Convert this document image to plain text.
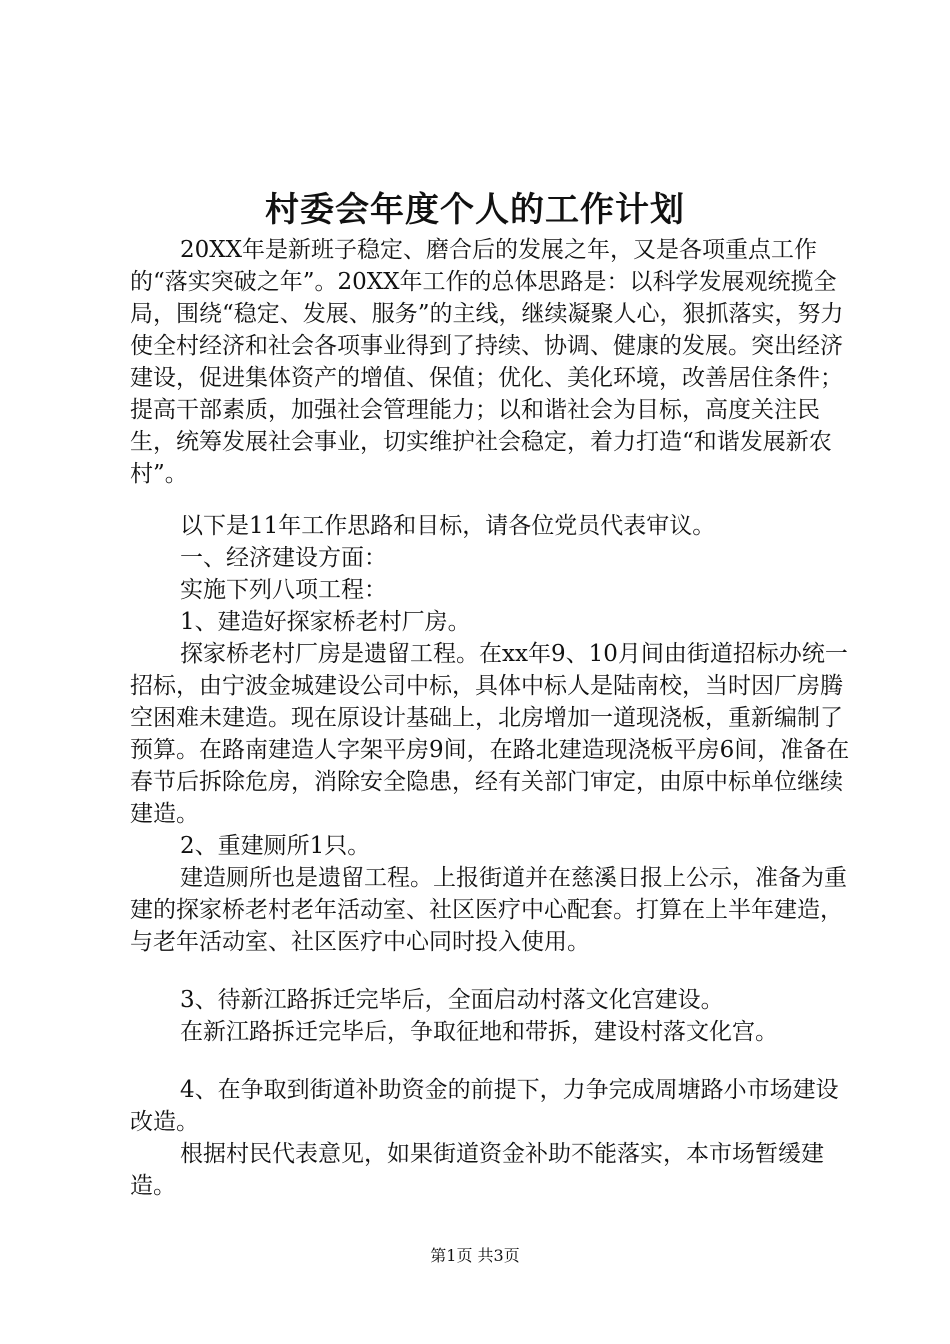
村委会年度个人的工作计划

20XX年是新班子稳定、磨合后的发展之年，又是各项重点工作的“落实突破之年”。20XX年工作的总体思路是：以科学发展观统揽全局，围绕“稳定、发展、服务”的主线，继续凝聚人心，狠抓落实，努力使全村经济和社会各项事业得到了持续、协调、健康的发展。突出经济建设，促进集体资产的增值、保值；优化、美化环境，改善居住条件；提高干部素质，加强社会管理能力；以和谐社会为目标，高度关注民生，统筹发展社会事业，切实维护社会稳定，着力打造“和谐发展新农村”。

以下是11年工作思路和目标，请各位党员代表审议。

一、经济建设方面：

实施下列八项工程：

1、建造好探家桥老村厂房。

探家桥老村厂房是遗留工程。在xx年9、10月间由街道招标办统一招标，由宁波金城建设公司中标，具体中标人是陆南校，当时因厂房腾空困难未建造。现在原设计基础上，北房增加一道现浇板，重新编制了预算。在路南建造人字架平房9间，在路北建造现浇板平房6间，准备在春节后拆除危房，消除安全隐患，经有关部门审定，由原中标单位继续建造。

2、重建厕所1只。

建造厕所也是遗留工程。上报街道并在慈溪日报上公示，准备为重建的探家桥老村老年活动室、社区医疗中心配套。打算在上半年建造，与老年活动室、社区医疗中心同时投入使用。

3、待新江路拆迁完毕后，全面启动村落文化宫建设。

在新江路拆迁完毕后，争取征地和带拆，建设村落文化宫。

4、在争取到街道补助资金的前提下，力争完成周塘路小市场建设改造。

根据村民代表意见，如果街道资金补助不能落实，本市场暂缓建造。

第1页 共3页
